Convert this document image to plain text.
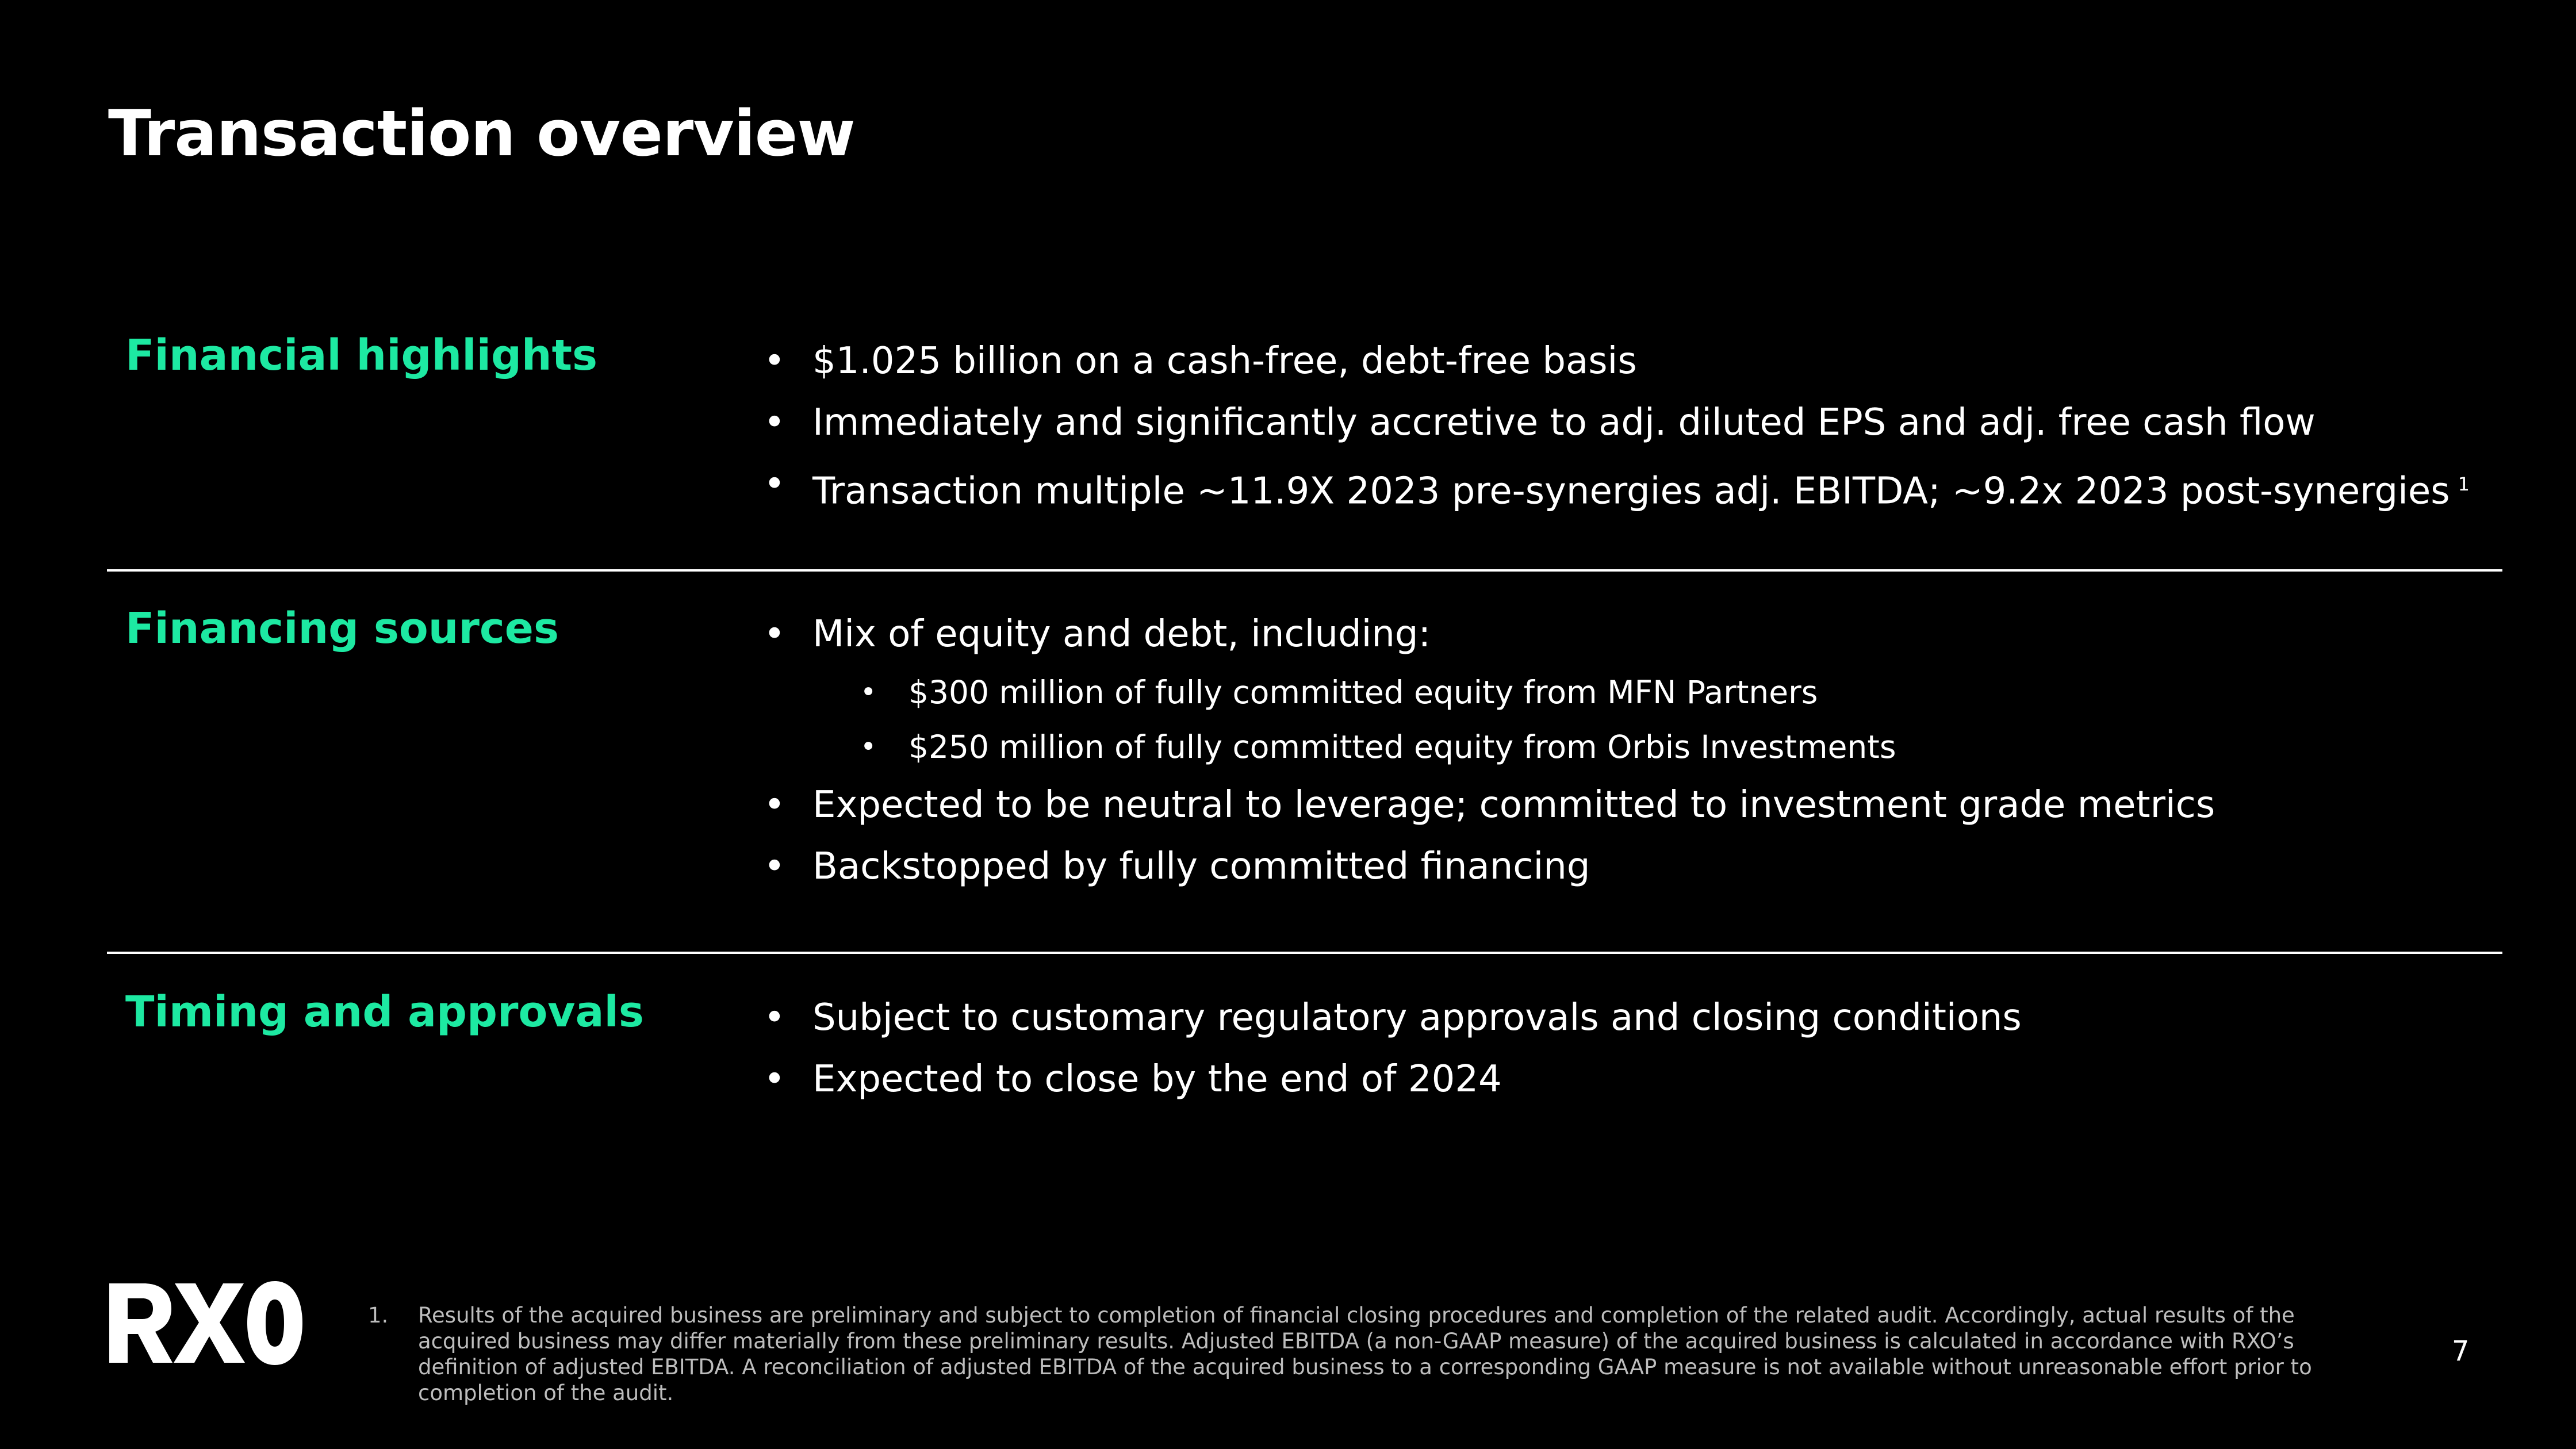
Transaction overview
Financial highlights	• $1.025 billion on a cash-free, debt-free basis
• Immediately and significantly accretive to adj. diluted EPS and adj. free cash flow
• Transaction multiple ~11.9X 2023 pre-synergies adj. EBITDA; ~9.2x 2023 post-synergies $^1$
Financing sources	• Mix of equity and debt, including:
• $300 million of fully committed equity from MFN Partners
• $250 million of fully committed equity from Orbis Investments
• Expected to be neutral to leverage; committed to investment grade metrics
• Backstopped by fully committed financing
Timing and approvals	• Subject to customary regulatory approvals and closing conditions
• Expected to close by the end of 2024
1. Results of the acquired business are preliminary and subject to completion of financial closing procedures and completion of the related audit. Accordingly, actual results of the acquired business may differ materially from these preliminary results. Adjusted EBITDA (a non-GAAP measure) of the acquired business is calculated in accordance with RXO’s definition of adjusted EBITDA. A reconciliation of adjusted EBITDA of the acquired business to a corresponding GAAP measure is not available without unreasonable effort prior to completion of the audit.
7
